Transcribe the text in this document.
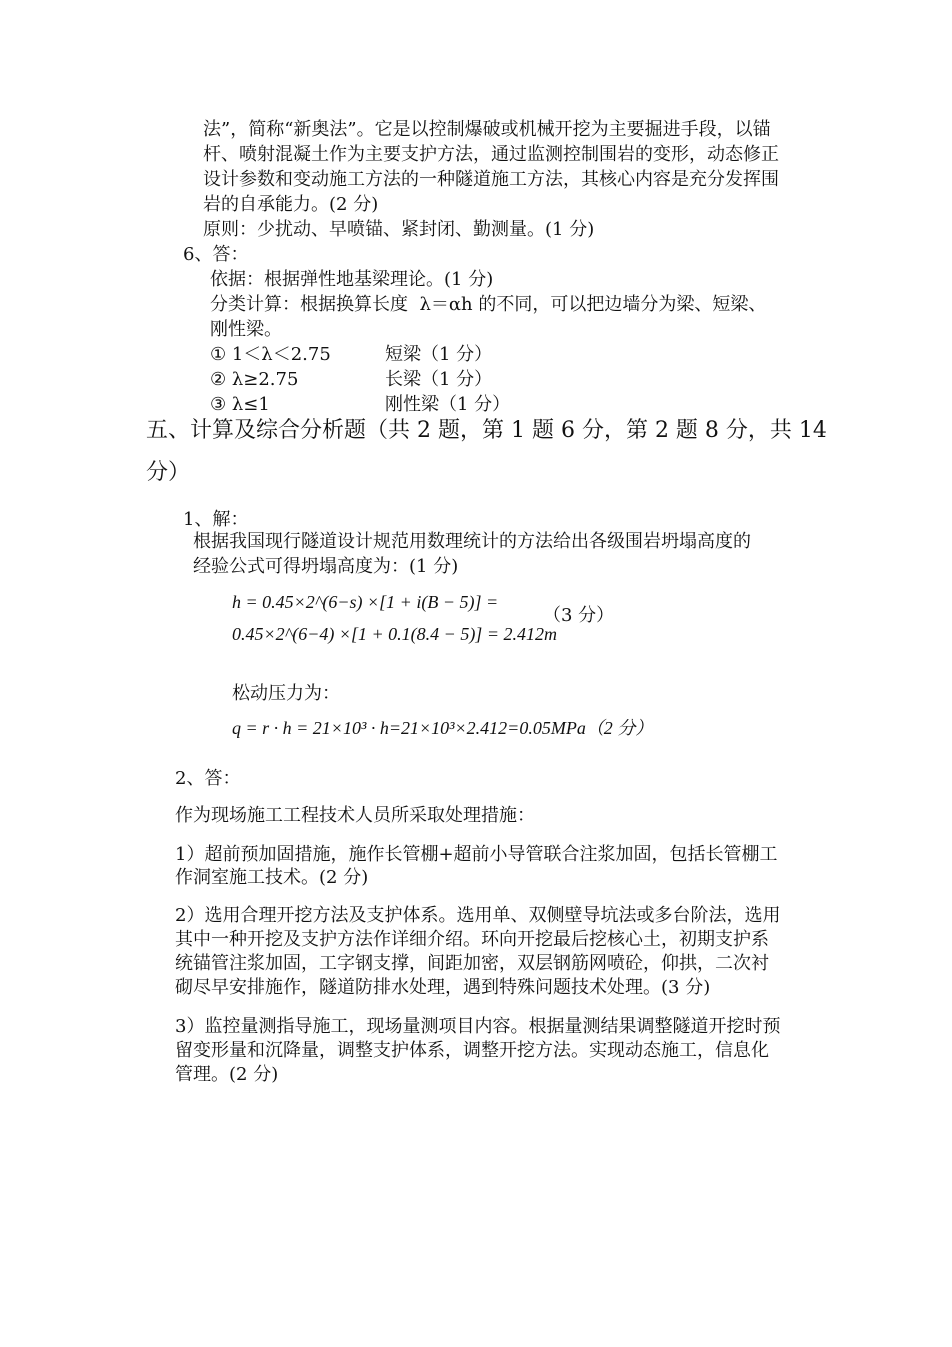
法”，简称“新奥法”。它是以控制爆破或机械开挖为主要掘进手段，以锚
杆、喷射混凝土作为主要支护方法，通过监测控制围岩的变形，动态修正
设计参数和变动施工方法的一种隧道施工方法，其核心内容是充分发挥围
岩的自承能力。(2 分)
原则：少扰动、早喷锚、紧封闭、勤测量。(1 分)
6、答：
依据：根据弹性地基梁理论。(1 分)
分类计算：根据换算长度  λ＝αh 的不同，可以把边墙分为梁、短梁、
刚性梁。
① 1＜λ＜2.75	短梁（1 分）
② λ≥2.75	长梁（1 分）
③ λ≤1	刚性梁（1 分）
五、计算及综合分析题（共 2 题，第 1 题 6 分，第 2 题 8 分，共 14
分）
1、解：
根据我国现行隧道设计规范用数理统计的方法给出各级围岩坍塌高度的
经验公式可得坍塌高度为：(1 分)
h = 0.45×2^(6−s) ×[1 + i(B − 5)] =
0.45×2^(6−4) ×[1 + 0.1(8.4 − 5)] = 2.412m
（3 分）
松动压力为：
q = r · h = 21×10³ · h=21×10³×2.412=0.05MPa（2 分）
2、答：
作为现场施工工程技术人员所采取处理措施：
1）超前预加固措施，施作长管棚+超前小导管联合注浆加固，包括长管棚工
作洞室施工技术。(2 分)
2）选用合理开挖方法及支护体系。选用单、双侧壁导坑法或多台阶法，选用
其中一种开挖及支护方法作详细介绍。环向开挖最后挖核心土，初期支护系
统锚管注浆加固，工字钢支撑，间距加密，双层钢筋网喷砼，仰拱，二次衬
砌尽早安排施作，隧道防排水处理，遇到特殊问题技术处理。(3 分)
3）监控量测指导施工，现场量测项目内容。根据量测结果调整隧道开挖时预
留变形量和沉降量，调整支护体系，调整开挖方法。实现动态施工，信息化
管理。(2 分)
